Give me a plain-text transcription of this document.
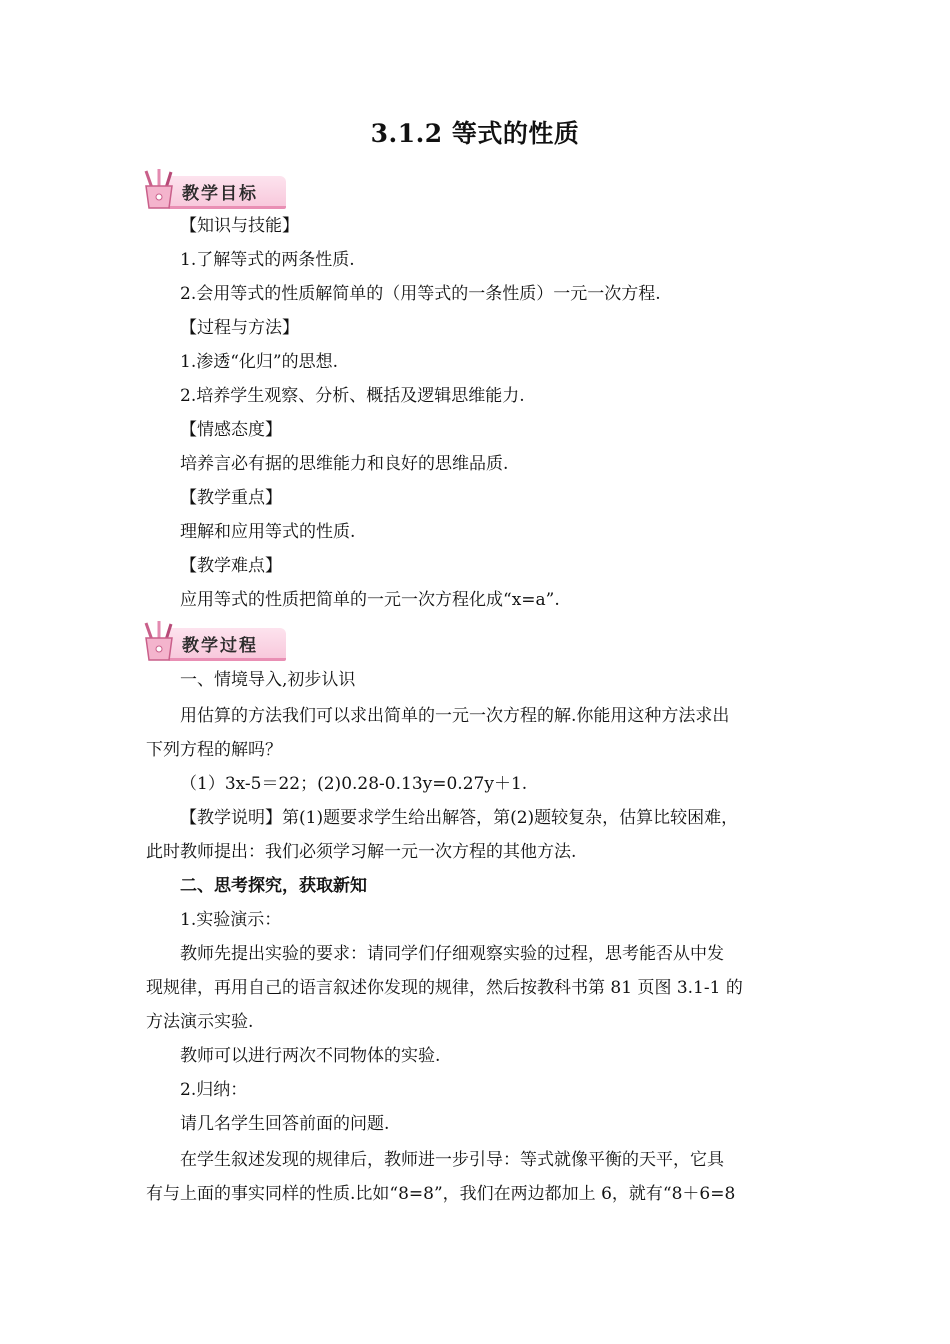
3.1.2 等式的性质
教学目标
【知识与技能】
1.了解等式的两条性质.
2.会用等式的性质解简单的（用等式的一条性质）一元一次方程.
【过程与方法】
1.渗透“化归”的思想.
2.培养学生观察、分析、概括及逻辑思维能力.
【情感态度】
培养言必有据的思维能力和良好的思维品质.
【教学重点】
理解和应用等式的性质.
【教学难点】
应用等式的性质把简单的一元一次方程化成“x=a”.
教学过程
一、情境导入,初步认识
用估算的方法我们可以求出简单的一元一次方程的解.你能用这种方法求出
下列方程的解吗？
（1）3x-5＝22；(2)0.28-0.13y=0.27y＋1.
【教学说明】第(1)题要求学生给出解答，第(2)题较复杂，估算比较困难，
此时教师提出：我们必须学习解一元一次方程的其他方法.
二、思考探究，获取新知
1.实验演示：
教师先提出实验的要求：请同学们仔细观察实验的过程，思考能否从中发
现规律，再用自己的语言叙述你发现的规律，然后按教科书第 81 页图 3.1-1 的
方法演示实验.
教师可以进行两次不同物体的实验.
2.归纳：
请几名学生回答前面的问题.
在学生叙述发现的规律后，教师进一步引导：等式就像平衡的天平，它具
有与上面的事实同样的性质.比如“8=8”，我们在两边都加上 6，就有“8＋6=8
